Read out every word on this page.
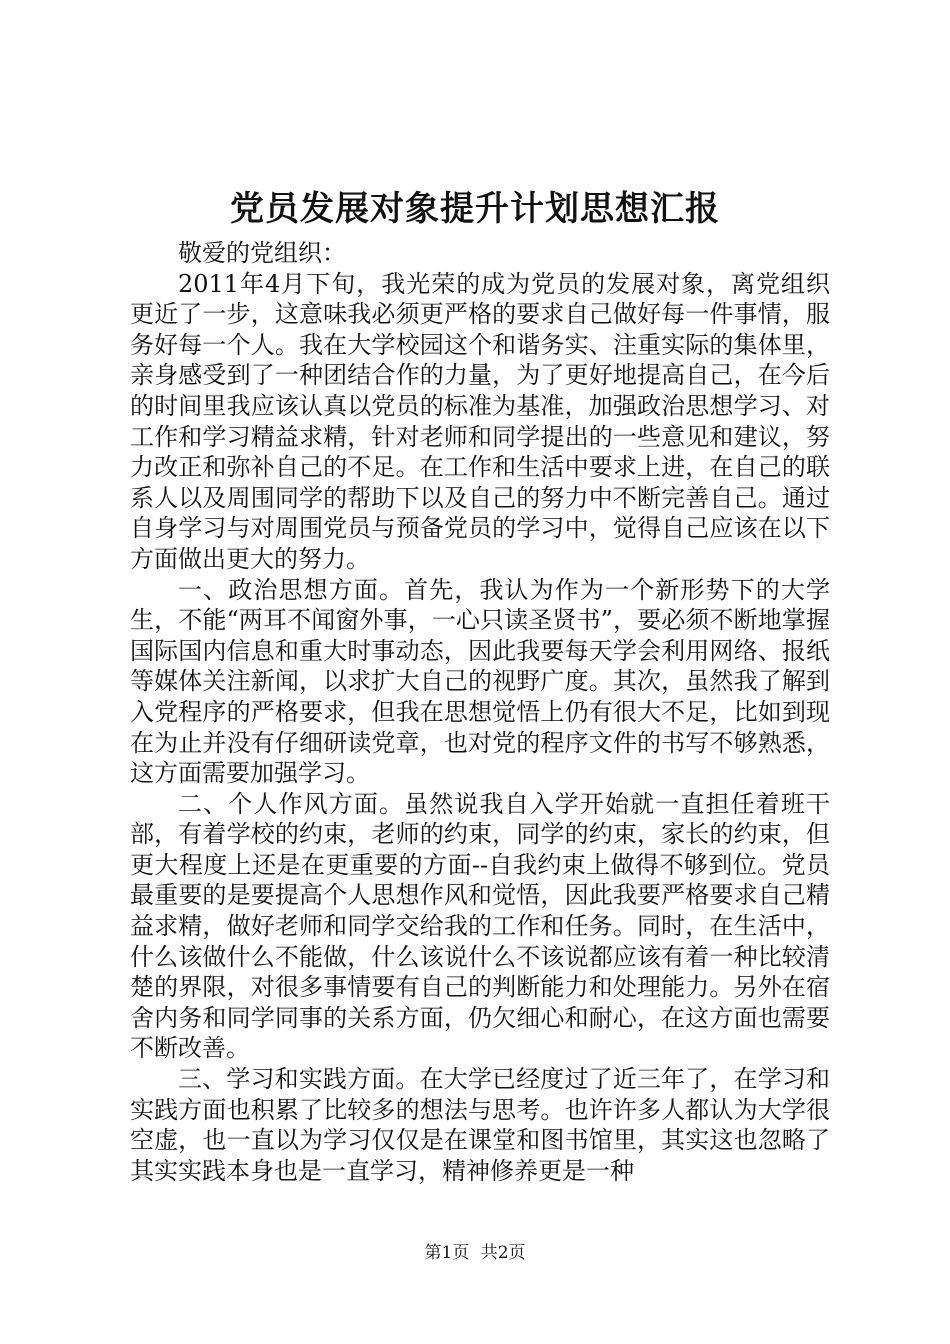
党员发展对象提升计划思想汇报

敬爱的党组织：

2011年4月下旬，我光荣的成为党员的发展对象，离党组织更近了一步，这意味我必须更严格的要求自己做好每一件事情，服务好每一个人。我在大学校园这个和谐务实、注重实际的集体里，亲身感受到了一种团结合作的力量，为了更好地提高自己，在今后的时间里我应该认真以党员的标准为基准，加强政治思想学习、对工作和学习精益求精，针对老师和同学提出的一些意见和建议，努力改正和弥补自己的不足。在工作和生活中要求上进，在自己的联系人以及周围同学的帮助下以及自己的努力中不断完善自己。通过自身学习与对周围党员与预备党员的学习中，觉得自己应该在以下方面做出更大的努力。

一、政治思想方面。首先，我认为作为一个新形势下的大学生，不能“两耳不闻窗外事，一心只读圣贤书”，要必须不断地掌握国际国内信息和重大时事动态，因此我要每天学会利用网络、报纸等媒体关注新闻，以求扩大自己的视野广度。其次，虽然我了解到入党程序的严格要求，但我在思想觉悟上仍有很大不足，比如到现在为止并没有仔细研读党章，也对党的程序文件的书写不够熟悉，这方面需要加强学习。

二、个人作风方面。虽然说我自入学开始就一直担任着班干部，有着学校的约束，老师的约束，同学的约束，家长的约束，但更大程度上还是在更重要的方面--自我约束上做得不够到位。党员最重要的是要提高个人思想作风和觉悟，因此我要严格要求自己精益求精，做好老师和同学交给我的工作和任务。同时，在生活中，什么该做什么不能做，什么该说什么不该说都应该有着一种比较清楚的界限，对很多事情要有自己的判断能力和处理能力。另外在宿舍内务和同学同事的关系方面，仍欠细心和耐心，在这方面也需要不断改善。

三、学习和实践方面。在大学已经度过了近三年了，在学习和实践方面也积累了比较多的想法与思考。也许许多人都认为大学很空虚，也一直以为学习仅仅是在课堂和图书馆里，其实这也忽略了其实实践本身也是一直学习，精神修养更是一种

第1页 共2页
